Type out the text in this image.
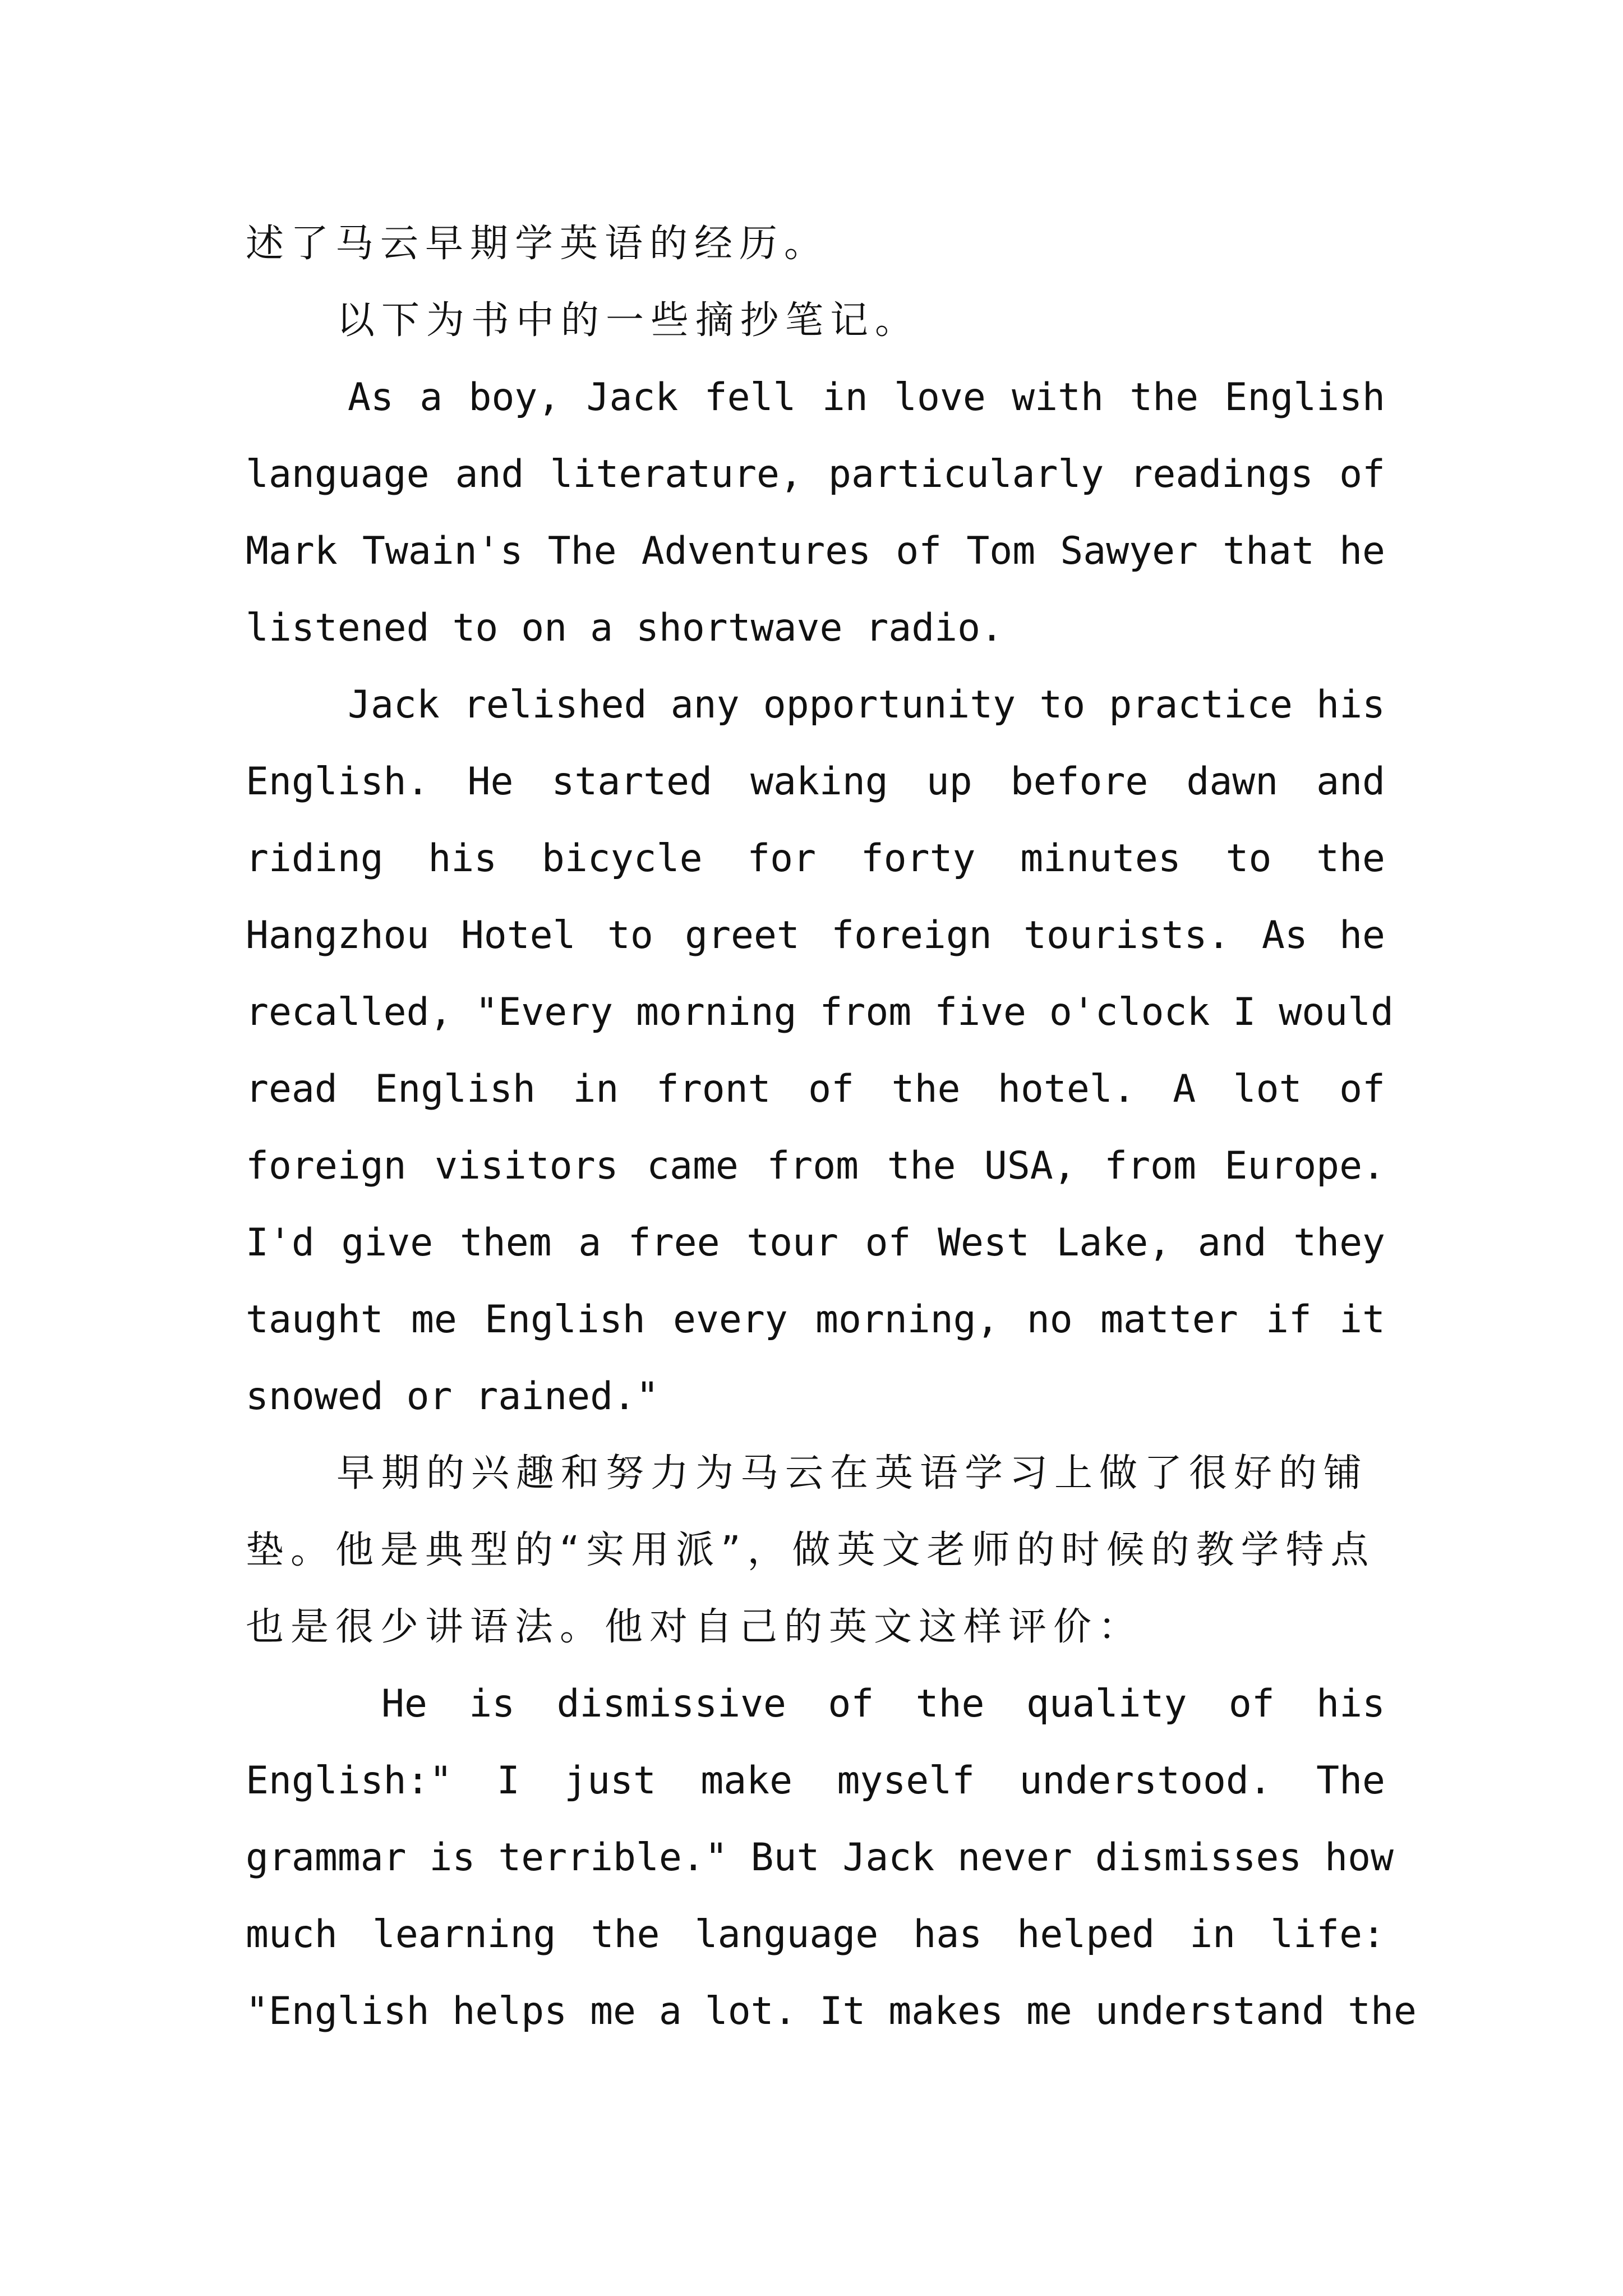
述了马云早期学英语的经历。
以下为书中的一些摘抄笔记。
As a boy, Jack fell in love with the English
language and literature, particularly readings of
Mark Twain's The Adventures of Tom Sawyer that he
listened to on a shortwave radio.
Jack relished any opportunity to practice his
English. He started waking up before dawn and
riding his bicycle for forty minutes to the
Hangzhou Hotel to greet foreign tourists. As he
recalled, "Every morning from five o'clock I would
read English in front of the hotel. A lot of
foreign visitors came from the USA, from Europe.
I'd give them a free tour of West Lake, and they
taught me English every morning, no matter if it
snowed or rained."
早期的兴趣和努力为马云在英语学习上做了很好的铺
垫。他是典型的“实用派”，做英文老师的时候的教学特点
也是很少讲语法。他对自己的英文这样评价：
He is dismissive of the quality of his
English:" I just make myself understood. The
grammar is terrible." But Jack never dismisses how
much learning the language has helped in life:
"English helps me a lot. It makes me understand the
